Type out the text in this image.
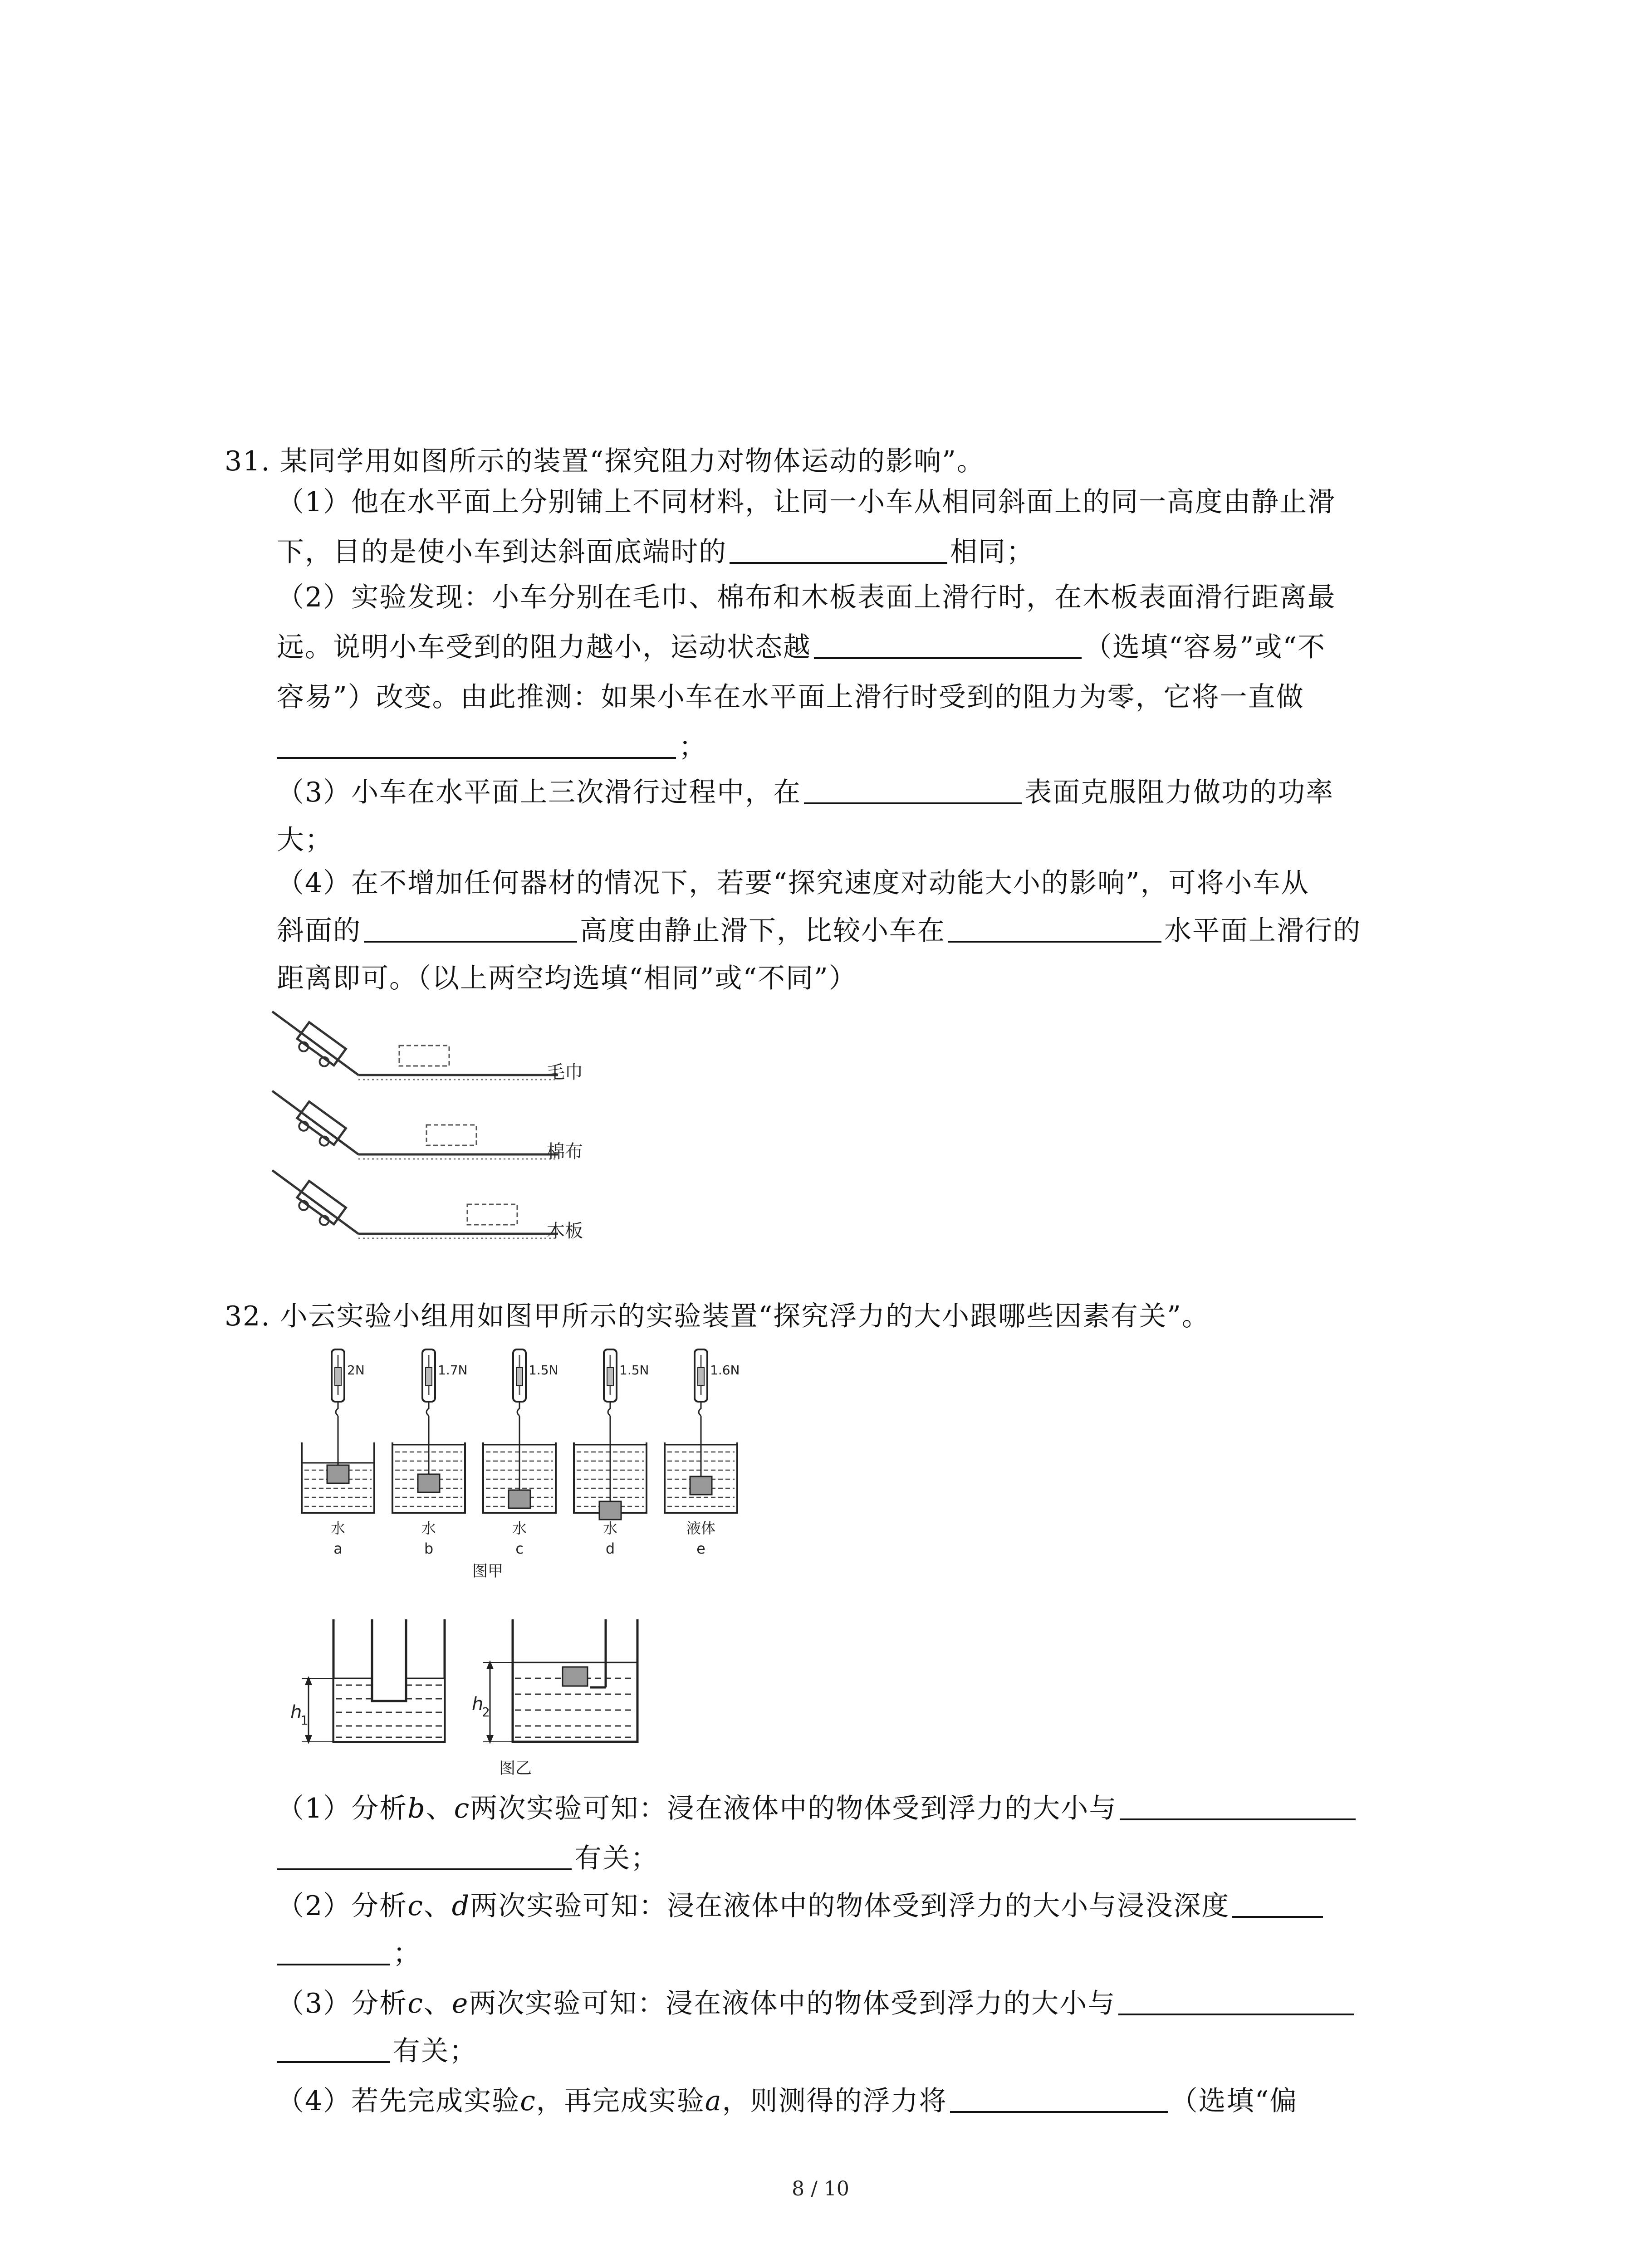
31. 某同学用如图所示的装置“探究阻力对物体运动的影响”。
（1）他在水平面上分别铺上不同材料，让同一小车从相同斜面上的同一高度由静止滑
下，目的是使小车到达斜面底端时的	相同；
（2）实验发现：小车分别在毛巾、棉布和木板表面上滑行时，在木板表面滑行距离最
远。说明小车受到的阻力越小，运动状态越	（选填“容易”或“不
容易”）改变。由此推测：如果小车在水平面上滑行时受到的阻力为零，它将一直做
；
（3）小车在水平面上三次滑行过程中，在	表面克服阻力做功的功率
大；
（4）在不增加任何器材的情况下，若要“探究速度对动能大小的影响”，可将小车从
斜面的	高度由静止滑下，比较小车在	水平面上滑行的
距离即可。（以上两空均选填“相同”或“不同”）
毛巾
棉布
木板
32. 小云实验小组用如图甲所示的实验装置“探究浮力的大小跟哪些因素有关”。
2N
水
a
1.7N
水
b
1.5N
水
c
1.5N
水
d
1.6N
液体
e
图甲
h
1
h
2
图乙
（1）分析b、c两次实验可知：浸在液体中的物体受到浮力的大小与
有关；
（2）分析c、d两次实验可知：浸在液体中的物体受到浮力的大小与浸没深度
；
（3）分析c、e两次实验可知：浸在液体中的物体受到浮力的大小与
有关；
（4）若先完成实验c，再完成实验a，则测得的浮力将	（选填“偏
8 / 10
